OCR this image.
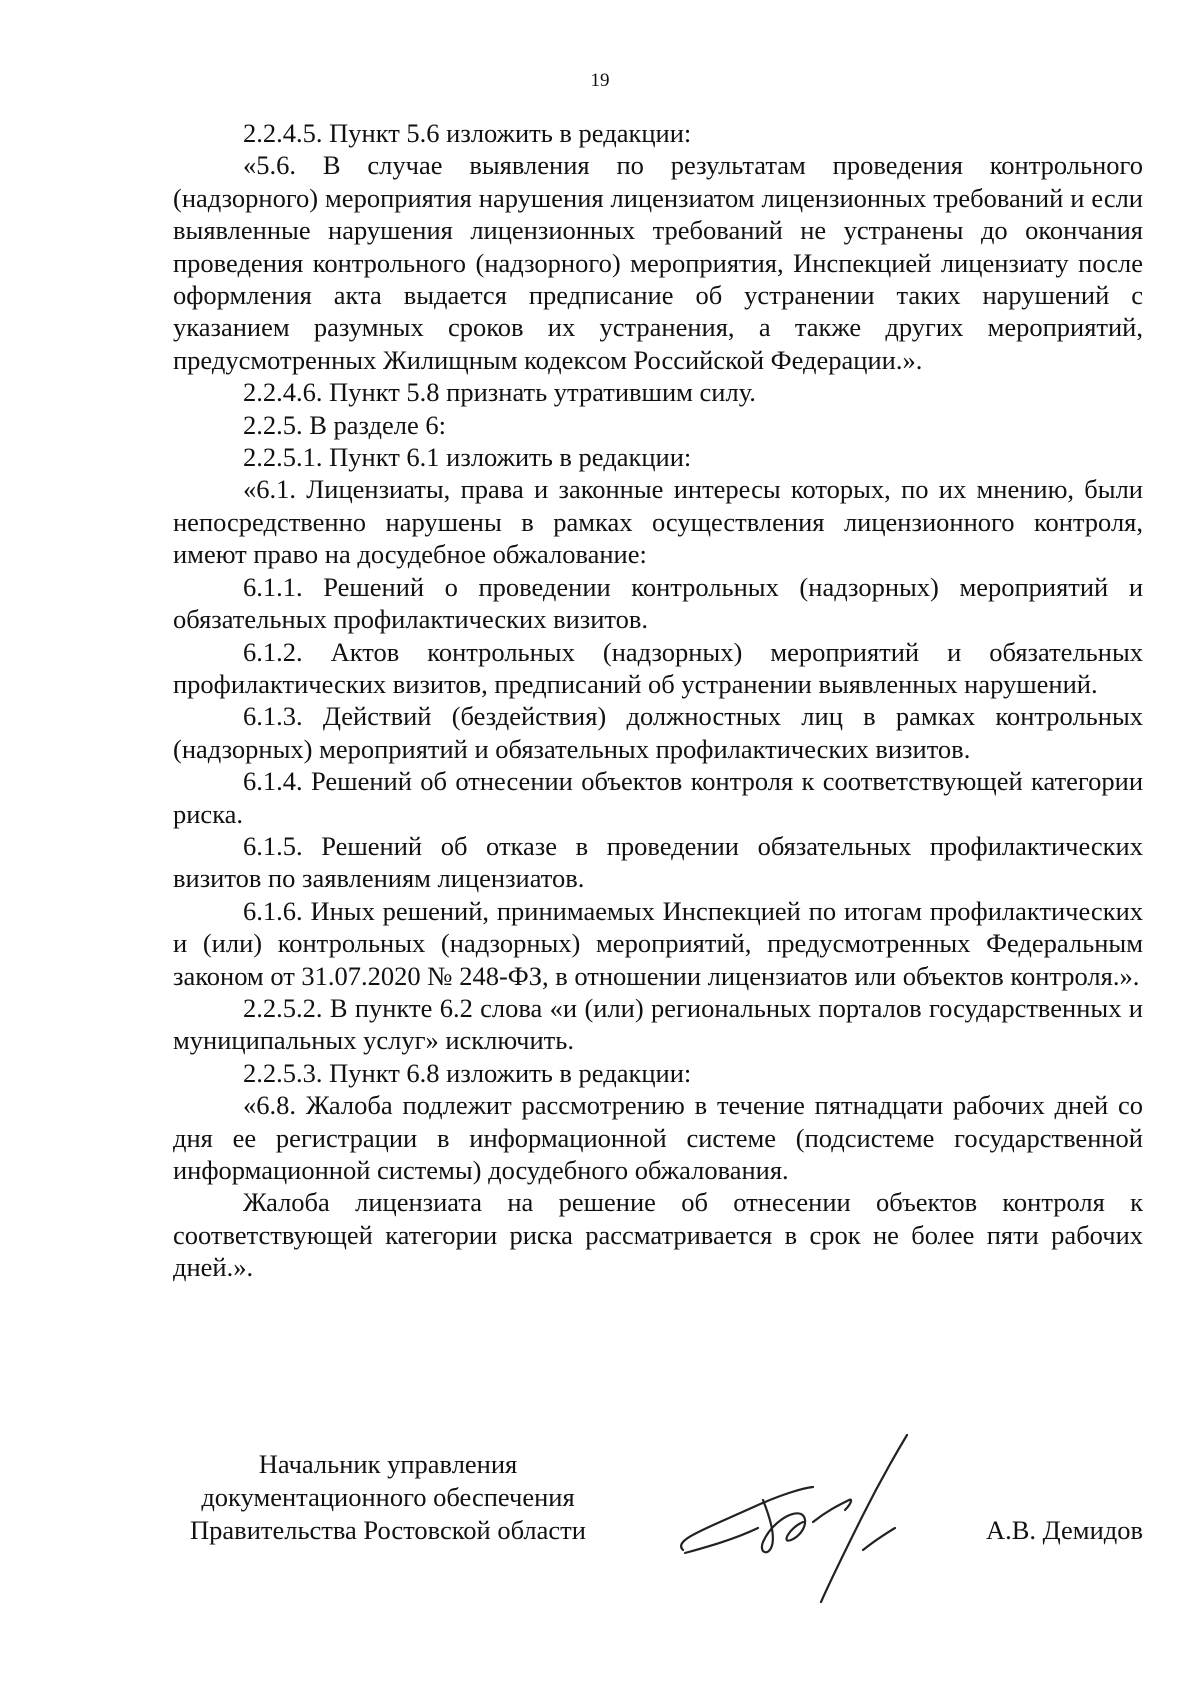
19

2.2.4.5. Пункт 5.6 изложить в редакции:

«5.6. В случае выявления по результатам проведения контрольного (надзорного) мероприятия нарушения лицензиатом лицензионных требований и если выявленные нарушения лицензионных требований не устранены до окончания проведения контрольного (надзорного) мероприятия, Инспекцией лицензиату после оформления акта выдается предписание об устранении таких нарушений с указанием разумных сроков их устранения, а также других мероприятий, предусмотренных Жилищным кодексом Российской Федерации.».

2.2.4.6. Пункт 5.8 признать утратившим силу.

2.2.5. В разделе 6:

2.2.5.1. Пункт 6.1 изложить в редакции:

«6.1. Лицензиаты, права и законные интересы которых, по их мнению, были непосредственно нарушены в рамках осуществления лицензионного контроля, имеют право на досудебное обжалование:

6.1.1. Решений о проведении контрольных (надзорных) мероприятий и обязательных профилактических визитов.

6.1.2. Актов контрольных (надзорных) мероприятий и обязательных профилактических визитов, предписаний об устранении выявленных нарушений.

6.1.3. Действий (бездействия) должностных лиц в рамках контрольных (надзорных) мероприятий и обязательных профилактических визитов.

6.1.4. Решений об отнесении объектов контроля к соответствующей категории риска.

6.1.5. Решений об отказе в проведении обязательных профилактических визитов по заявлениям лицензиатов.

6.1.6. Иных решений, принимаемых Инспекцией по итогам профилактических и (или) контрольных (надзорных) мероприятий, предусмотренных Федеральным законом от 31.07.2020 № 248-ФЗ, в отношении лицензиатов или объектов контроля.».

2.2.5.2. В пункте 6.2 слова «и (или) региональных порталов государственных и муниципальных услуг» исключить.

2.2.5.3. Пункт 6.8 изложить в редакции:

«6.8. Жалоба подлежит рассмотрению в течение пятнадцати рабочих дней со дня ее регистрации в информационной системе (подсистеме государственной информационной системы) досудебного обжалования.

Жалоба лицензиата на решение об отнесении объектов контроля к соответствующей категории риска рассматривается в срок не более пяти рабочих дней.».

Начальник управления
документационного обеспечения
Правительства Ростовской области	А.В. Демидов
